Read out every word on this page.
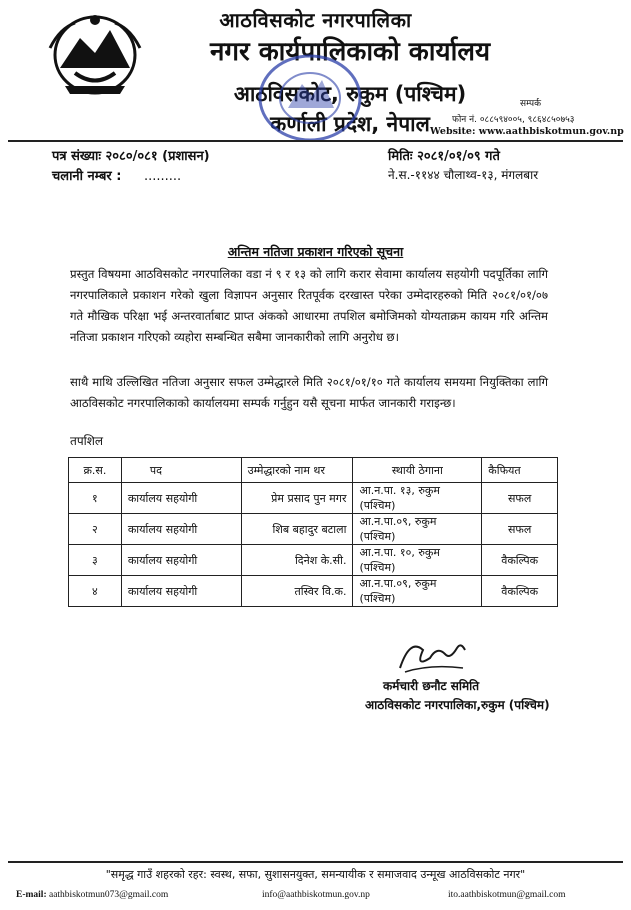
आठविसकोट नगरपालिका
नगर कार्यपालिकाको कार्यालय
आठविसकोट, रुकुम (पश्चिम)
कर्णाली प्रदेश, नेपाल
सम्पर्क
फोन नं. ०८८५९४००५, ९८६४८५०७५३
Website: www.aathbiskotmun.gov.np
पत्र संख्याः २०८०/०८१ (प्रशासन)
चलानी नम्बर : .........
मितिः २०८१/०१/०९ गते
ने.स.-११४४ चौलाथ्व-१३, मंगलबार
अन्तिम नतिजा प्रकाशन गरिएको सूचना
प्रस्तुत विषयमा आठविसकोट नगरपालिका वडा नं ९ र १३ को लागि करार सेवामा कार्यालय सहयोगी पदपूर्तिका लागि नगरपालिकाले प्रकाशन गरेको खुला विज्ञापन अनुसार रितपूर्वक दरखास्त परेका उम्मेदारहरुको मिति २०८१/०१/०७ गते मौखिक परिक्षा भई अन्तरवार्ताबाट प्राप्त अंकको आधारमा तपशिल बमोजिमको योग्यताक्रम कायम गरि अन्तिम नतिजा प्रकाशन गरिएको व्यहोरा सम्बन्धित सबैमा जानकारीको लागि अनुरोध छ।
साथै माथि उल्लिखित नतिजा अनुसार सफल उम्मेद्धारले मिति २०८१/०१/१० गते कार्यालय समयमा नियुक्तिका लागि आठविसकोट नगरपालिकाको कार्यालयमा सम्पर्क गर्नुहुन यसै सूचना मार्फत जानकारी गराइन्छ।
तपशिल
क्र.स.	पद	उम्मेद्धारको नाम थर	स्थायी ठेगाना	कैफियत
१	कार्यालय सहयोगी	प्रेम प्रसाद पुन मगर	आ.न.पा. १३, रुकुम (पश्चिम)	सफल
२	कार्यालय सहयोगी	शिब बहादुर बटाला	आ.न.पा.०९, रुकुम (पश्चिम)	सफल
३	कार्यालय सहयोगी	दिनेश के.सी.	आ.न.पा. १०, रुकुम (पश्चिम)	वैकल्पिक
४	कार्यालय सहयोगी	तस्विर वि.क.	आ.न.पा.०९, रुकुम (पश्चिम)	वैकल्पिक
कर्मचारी छनौट समिति
आठविसकोट नगरपालिका,रुकुम (पश्चिम)
"समृद्ध गाउँ शहरको रहर: स्वस्थ, सफा, सुशासनयुक्त, समन्यायीक र समाजवाद उन्मूख आठविसकोट नगर"
E-mail: aathbiskotmun073@gmail.com	info@aathbiskotmun.gov.np	ito.aathbiskotmun@gmail.com
